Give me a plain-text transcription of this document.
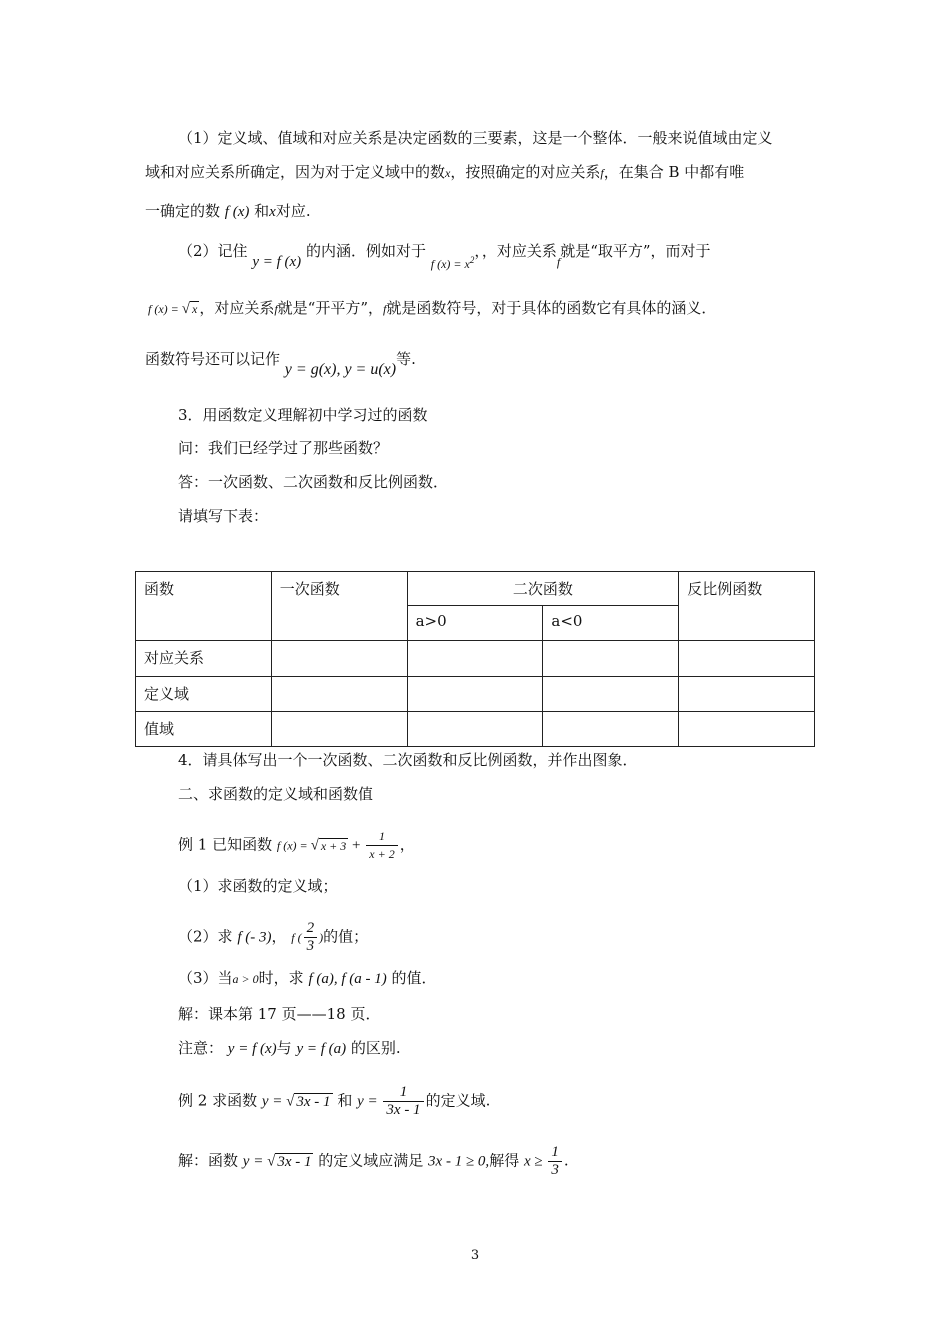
（1）定义域、值域和对应关系是决定函数的三要素，这是一个整体．一般来说值域由定义
域和对应关系所确定，因为对于定义域中的数x，按照确定的对应关系f，在集合 B 中都有唯
一确定的数 f (x) 和x对应.
（2）记住 y = f (x) 的内涵．例如对于 $_{f (x) = x^2}$，，对应关系$_f$就是“取平方”，而对于
f (x) = √ x ，对应关系f就是“开平方”，f就是函数符号，对于具体的函数它有具体的涵义．
函数符号还可以记作 y = g(x), y = u(x)等.
3．用函数定义理解初中学习过的函数
问：我们已经学过了那些函数？
答：一次函数、二次函数和反比例函数．
请填写下表：
函数	一次函数	二次函数		反比例函数
		a>0	a<0	
对应关系				
定义域				
值域				
4．请具体写出一个一次函数、二次函数和反比例函数，并作出图象．
二、求函数的定义域和函数值
例 1 已知函数 f (x) = √ $x + 3 + \frac{1}{x + 2}$ ，
（1）求函数的定义域；
（2）求 f (- 3)， f ( $\frac{2}{3}$ )的值；
（3）当a > 0时，求 f (a), f (a - 1) 的值．
解：课本第 17 页——18 页．
注意： y = f (x)与 y = f (a) 的区别.
例 2 求函数 y = √ 3x - 1 和 $y = \frac{1}{3x - 1}$ 的定义域.
解：函数 y = √ 3x - 1 的定义域应满足 3x - 1 ≥ 0,解得 $x \ge \frac{1}{3}$ .
3
